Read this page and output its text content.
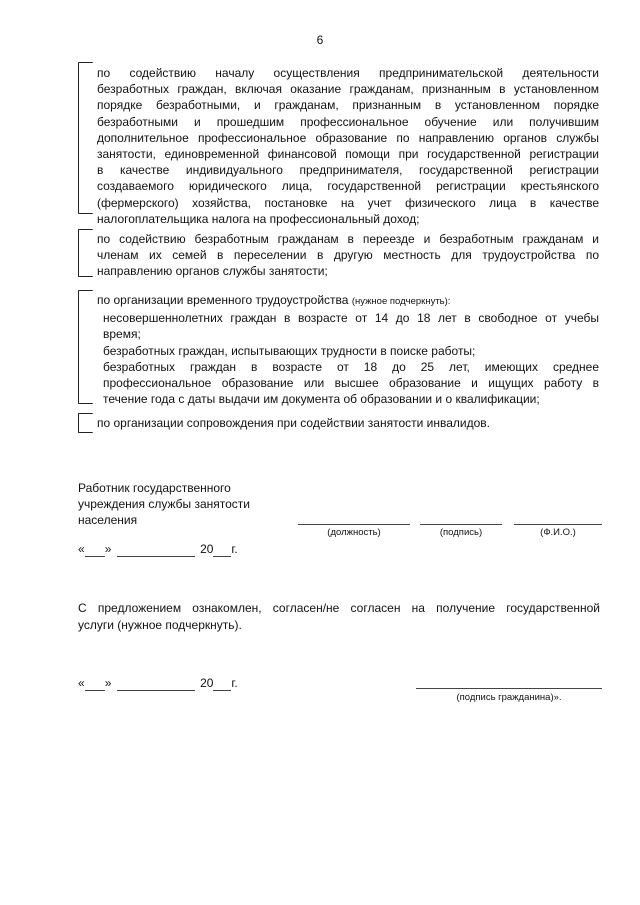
6
по содействию началу осуществления предпринимательской деятельности
безработных граждан, включая оказание гражданам, признанным в установленном
порядке безработными, и гражданам, признанным в установленном порядке
безработными и прошедшим профессиональное обучение или получившим
дополнительное профессиональное образование по направлению органов службы
занятости, единовременной финансовой помощи при государственной регистрации
в качестве индивидуального предпринимателя, государственной регистрации
создаваемого юридического лица, государственной регистрации крестьянского
(фермерского) хозяйства, постановке на учет физического лица в качестве
налогоплательщика налога на профессиональный доход;
по содействию безработным гражданам в переезде и безработным гражданам и
членам их семей в переселении в другую местность для трудоустройства по
направлению органов службы занятости;
по организации временного трудоустройства (нужное подчеркнуть):
несовершеннолетних граждан в возрасте от 14 до 18 лет в свободное от учебы
время;
безработных граждан, испытывающих трудности в поиске работы;
безработных граждан в возрасте от 18 до 25 лет, имеющих среднее
профессиональное образование или высшее образование и ищущих работу в
течение года с даты выдачи им документа об образовании и о квалификации;
по организации сопровождения при содействии занятости инвалидов.
Работник государственного
учреждения службы занятости
населения
(должность)	(подпись)	(Ф.И.О.)
« »	20 г.
С предложением ознакомлен, согласен/не согласен на получение государственной
услуги (нужное подчеркнуть).
« »	20 г.
(подпись гражданина)».
